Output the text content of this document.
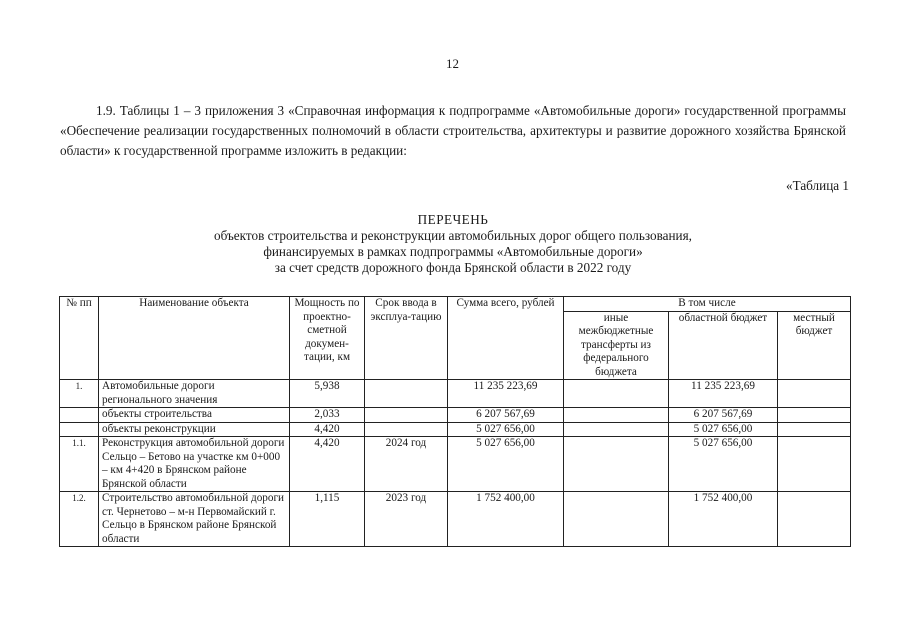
12
1.9. Таблицы 1 – 3 приложения 3 «Справочная информация к подпрограмме «Автомобильные дороги» государственной программы «Обеспечение реализации государственных полномочий в области строительства, архитектуры и развитие дорожного хозяйства Брянской области» к государственной программе изложить в редакции:
«Таблица 1
ПЕРЕЧЕНЬ
объектов строительства и реконструкции автомобильных дорог общего пользования,
финансируемых в рамках подпрограммы «Автомобильные дороги»
за счет средств дорожного фонда Брянской области в 2022 году
№ пп	Наименование объекта	Мощность по проектно-сметной докумен-тации, км	Срок ввода в эксплуа-тацию	Сумма всего, рублей	В том числе		
					иные межбюджетные трансферты из федерального бюджета	областной бюджет	местный бюджет
1.	Автомобильные дороги регионального значения	5,938		11 235 223,69		11 235 223,69	
	объекты строительства	2,033		6 207 567,69		6 207 567,69	
	объекты реконструкции	4,420		5 027 656,00		5 027 656,00	
1.1.	Реконструкция автомобильной дороги Сельцо – Бетово на участке км 0+000 – км 4+420 в Брянском районе Брянской области	4,420	2024 год	5 027 656,00		5 027 656,00	
1.2.	Строительство автомобильной дороги ст. Чернетово – м-н Первомайский г. Сельцо в Брянском районе Брянской области	1,115	2023 год	1 752 400,00		1 752 400,00	
